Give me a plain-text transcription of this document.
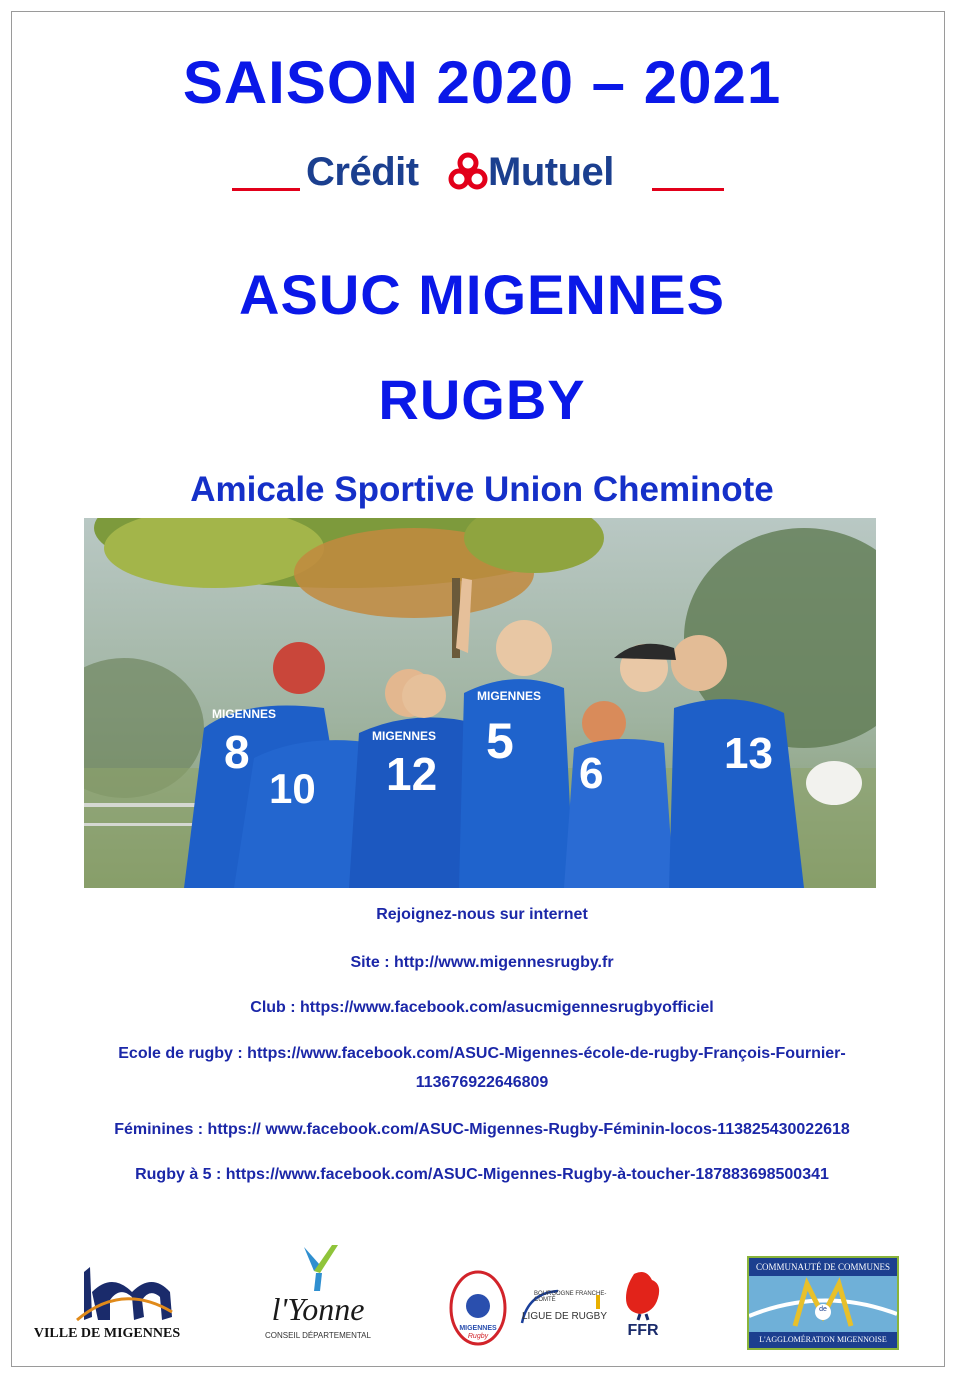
SAISON 2020 – 2021
Crédit Mutuel
ASUC MIGENNES
RUGBY
Amicale Sportive Union Cheminote
8
MIGENNES
10 12
MIGENNES 5
MIGENNES
6	13
Rejoignez-nous sur internet
Site : http://www.migennesrugby.fr
Club : https://www.facebook.com/asucmigennesrugbyofficiel
Ecole de rugby : https://www.facebook.com/ASUC-Migennes-école-de-rugby-François-Fournier-
113676922646809
Féminines : https:// www.facebook.com/ASUC-Migennes-Rugby-Féminin-locos-113825430022618
Rugby à 5 : https://www.facebook.com/ASUC-Migennes-Rugby-à-toucher-187883698500341
VILLE DE MIGENNES
l'Yonne
CONSEIL DÉPARTEMENTAL
MIGENNES
Rugby
BOURGOGNE FRANCHE-COMTÉ
LIGUE DE RUGBY
FFR
COMMUNAUTÉ DE COMMUNES
de
L'AGGLOMÉRATION MIGENNOISE
